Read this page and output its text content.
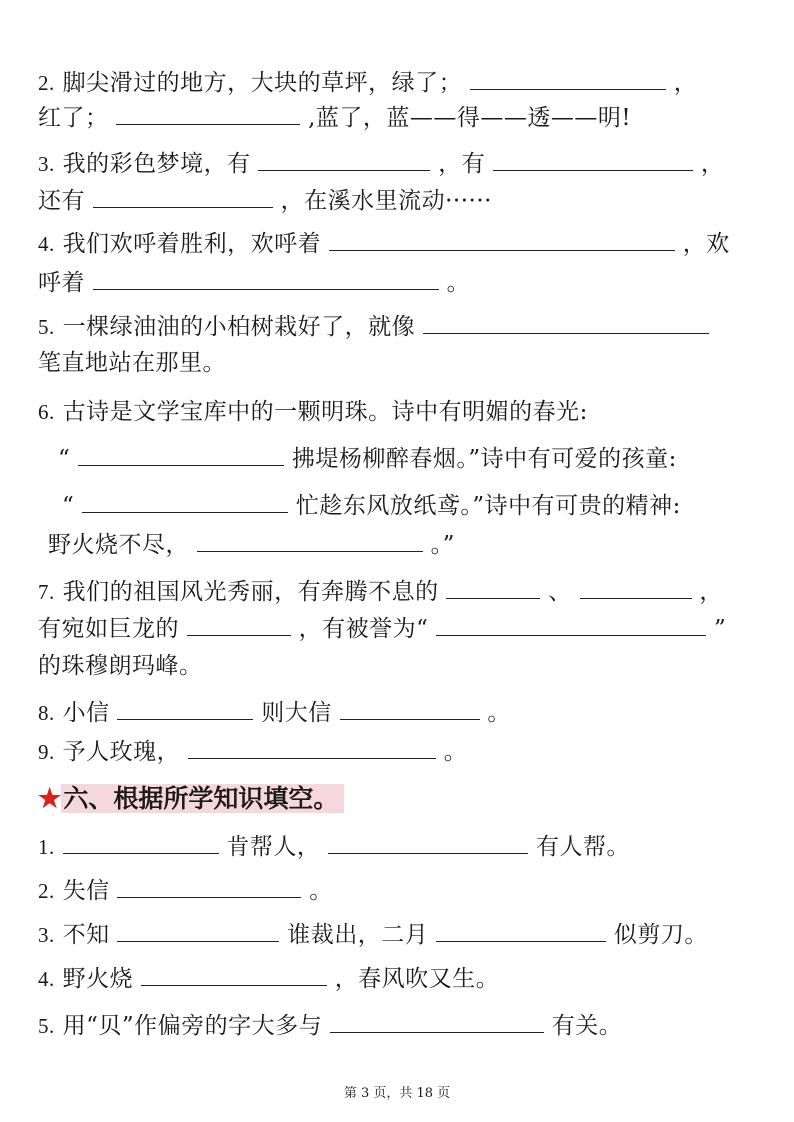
2. 脚尖滑过的地方，大块的草坪，绿了；	，
红了；	,蓝了，蓝——得——透——明!
3. 我的彩色梦境，有	，有	，
还有	，在溪水里流动······
4. 我们欢呼着胜利，欢呼着	，欢
呼着	。
5. 一棵绿油油的小柏树栽好了，就像
笔直地站在那里。
6. 古诗是文学宝库中的一颗明珠。诗中有明媚的春光:
“	拂堤杨柳醉春烟。”诗中有可爱的孩童:
“	忙趁东风放纸鸢。”诗中有可贵的精神:
野火烧不尽，	。”
7. 我们的祖国风光秀丽，有奔腾不息的	、	，
有宛如巨龙的	，有被誉为“	”
的珠穆朗玛峰。
8. 小信	则大信	。
9. 予人玫瑰，	。
★六、根据所学知识填空。
1.	肯帮人，	有人帮。
2. 失信	。
3. 不知	谁裁出，二月	似剪刀。
4. 野火烧	，春风吹又生。
5. 用“贝”作偏旁的字大多与	有关。
第 3 页，共 18 页
